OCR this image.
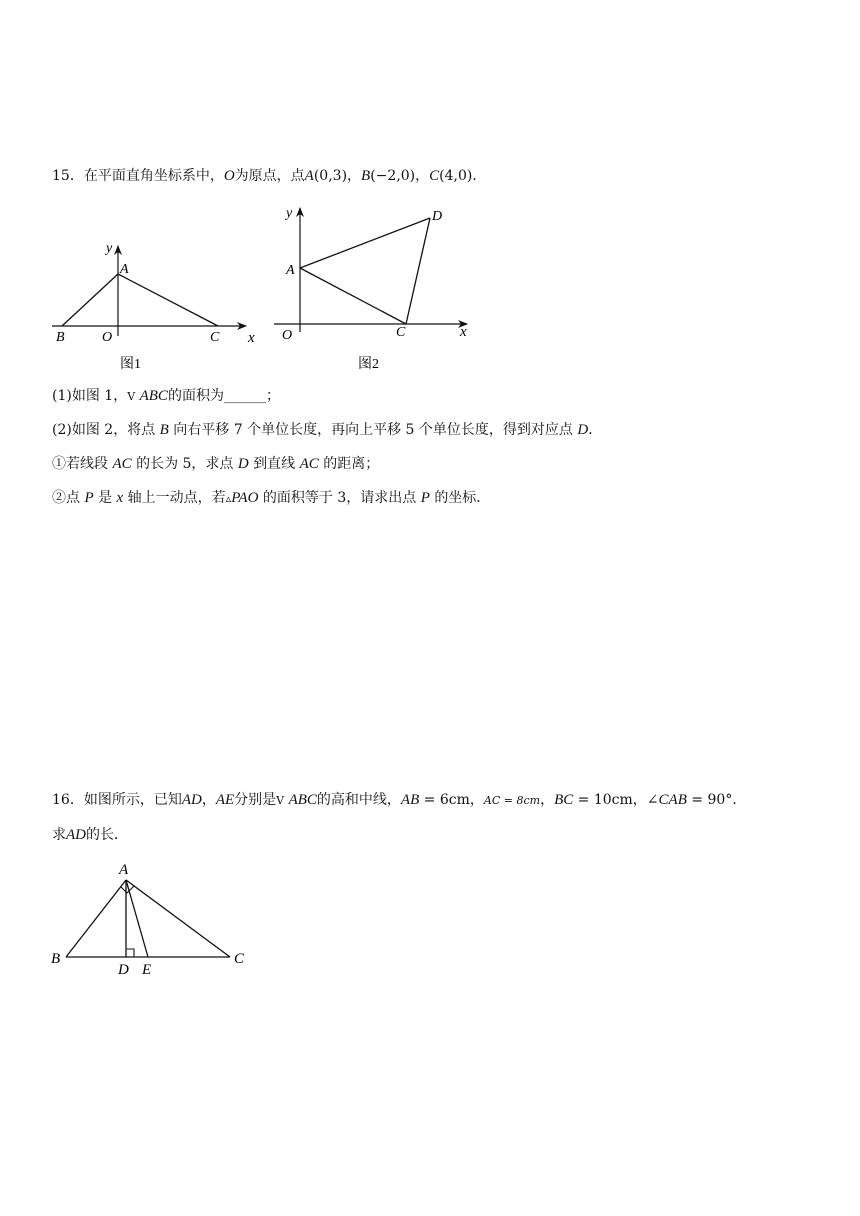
15．在平面直角坐标系中，O为原点，点A(0,3)，B(−2,0)，C(4,0)．
y
x
A
B	O	C
图1
y
x
A
D
O	C
图2
(1)如图 1，V ABC的面积为______；
(2)如图 2，将点 B 向右平移 7 个单位长度，再向上平移 5 个单位长度，得到对应点 D．
①若线段 AC 的长为 5，求点 D 到直线 AC 的距离；
②点 P 是 x 轴上一动点，若▵PAO 的面积等于 3，请求出点 P 的坐标．
16．如图所示，已知AD，AE分别是V ABC的高和中线，AB = 6cm，AC = 8cm，BC = 10cm，∠CAB = 90°．
求AD的长．
A
B	C
D E
